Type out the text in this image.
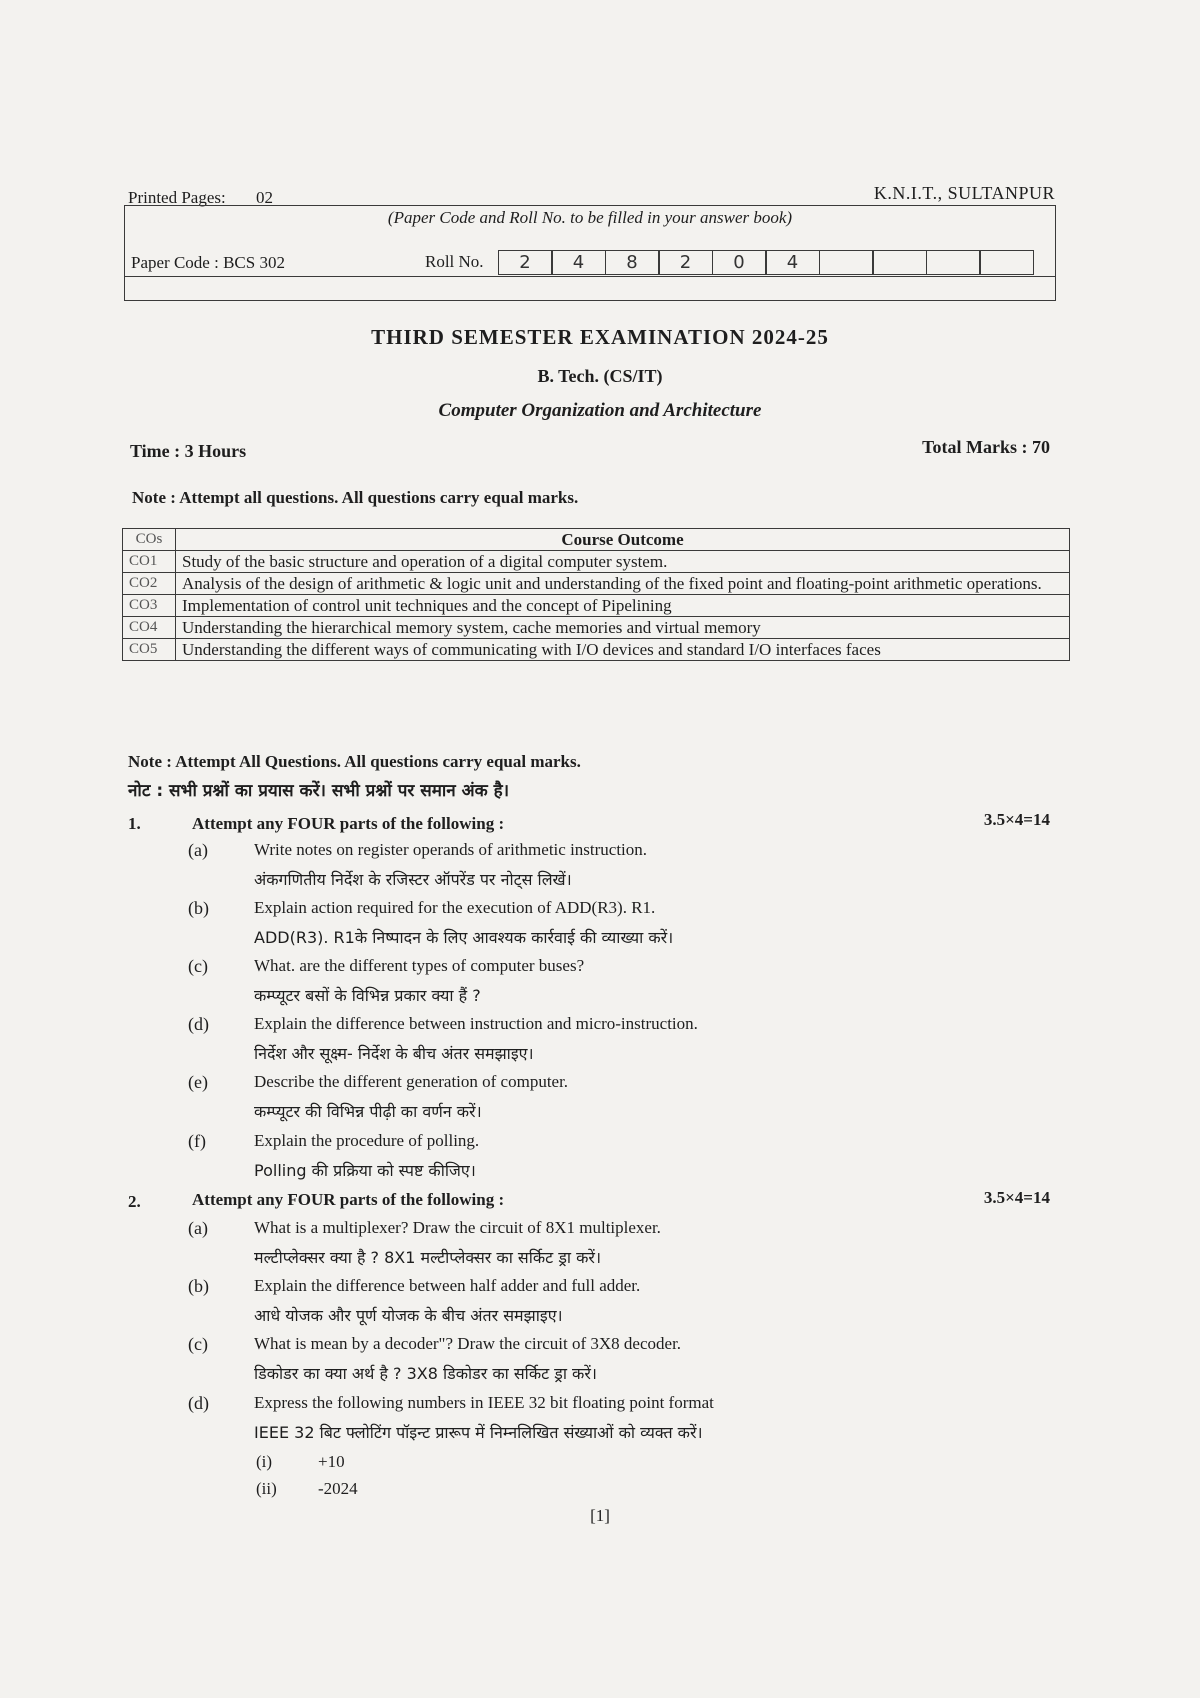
Printed Pages: 02	K.N.I.T., SULTANPUR
(Paper Code and Roll No. to be filled in your answer book)
Paper Code : BCS 302	Roll No.	2	4	8	2	0	4
THIRD SEMESTER EXAMINATION 2024-25
B. Tech. (CS/IT)
Computer Organization and Architecture
Time : 3 Hours	Total Marks : 70
Note : Attempt all questions. All questions carry equal marks.
COs	Course Outcome
CO1	Study of the basic structure and operation of a digital computer system.
CO2	Analysis of the design of arithmetic & logic unit and understanding of the fixed point and floating-point arithmetic operations.
CO3	Implementation of control unit techniques and the concept of Pipelining
CO4	Understanding the hierarchical memory system, cache memories and virtual memory
CO5	Understanding the different ways of communicating with I/O devices and standard I/O interfaces faces
Note : Attempt All Questions. All questions carry equal marks.
नोट : सभी प्रश्नों का प्रयास करें। सभी प्रश्नों पर समान अंक है।
1.	Attempt any FOUR parts of the following :	3.5×4=14
(a)	Write notes on register operands of arithmetic instruction.
अंकगणितीय निर्देश के रजिस्टर ऑपरेंड पर नोट्स लिखें।
(b)	Explain action required for the execution of ADD(R3). R1.
ADD(R3). R1के निष्पादन के लिए आवश्यक कार्रवाई की व्याख्या करें।
(c)	What. are the different types of computer buses?
कम्प्यूटर बसों के विभिन्न प्रकार क्या हैं ?
(d)	Explain the difference between instruction and micro-instruction.
निर्देश और सूक्ष्म- निर्देश के बीच अंतर समझाइए।
(e)	Describe the different generation of computer.
कम्प्यूटर की विभिन्न पीढ़ी का वर्णन करें।
(f)	Explain the procedure of polling.
Polling की प्रक्रिया को स्पष्ट कीजिए।
2.	Attempt any FOUR parts of the following :	3.5×4=14
(a)	What is a multiplexer? Draw the circuit of 8X1 multiplexer.
मल्टीप्लेक्सर क्या है ? 8X1 मल्टीप्लेक्सर का सर्किट ड्रा करें।
(b)	Explain the difference between half adder and full adder.
आधे योजक और पूर्ण योजक के बीच अंतर समझाइए।
(c)	What is mean by a decoder"? Draw the circuit of 3X8 decoder.
डिकोडर का क्या अर्थ है ? 3X8 डिकोडर का सर्किट ड्रा करें।
(d)	Express the following numbers in IEEE 32 bit floating point format
IEEE 32 बिट फ्लोटिंग पॉइन्ट प्रारूप में निम्नलिखित संख्याओं को व्यक्त करें।
(i)	+10
(ii) -2024
[1]
